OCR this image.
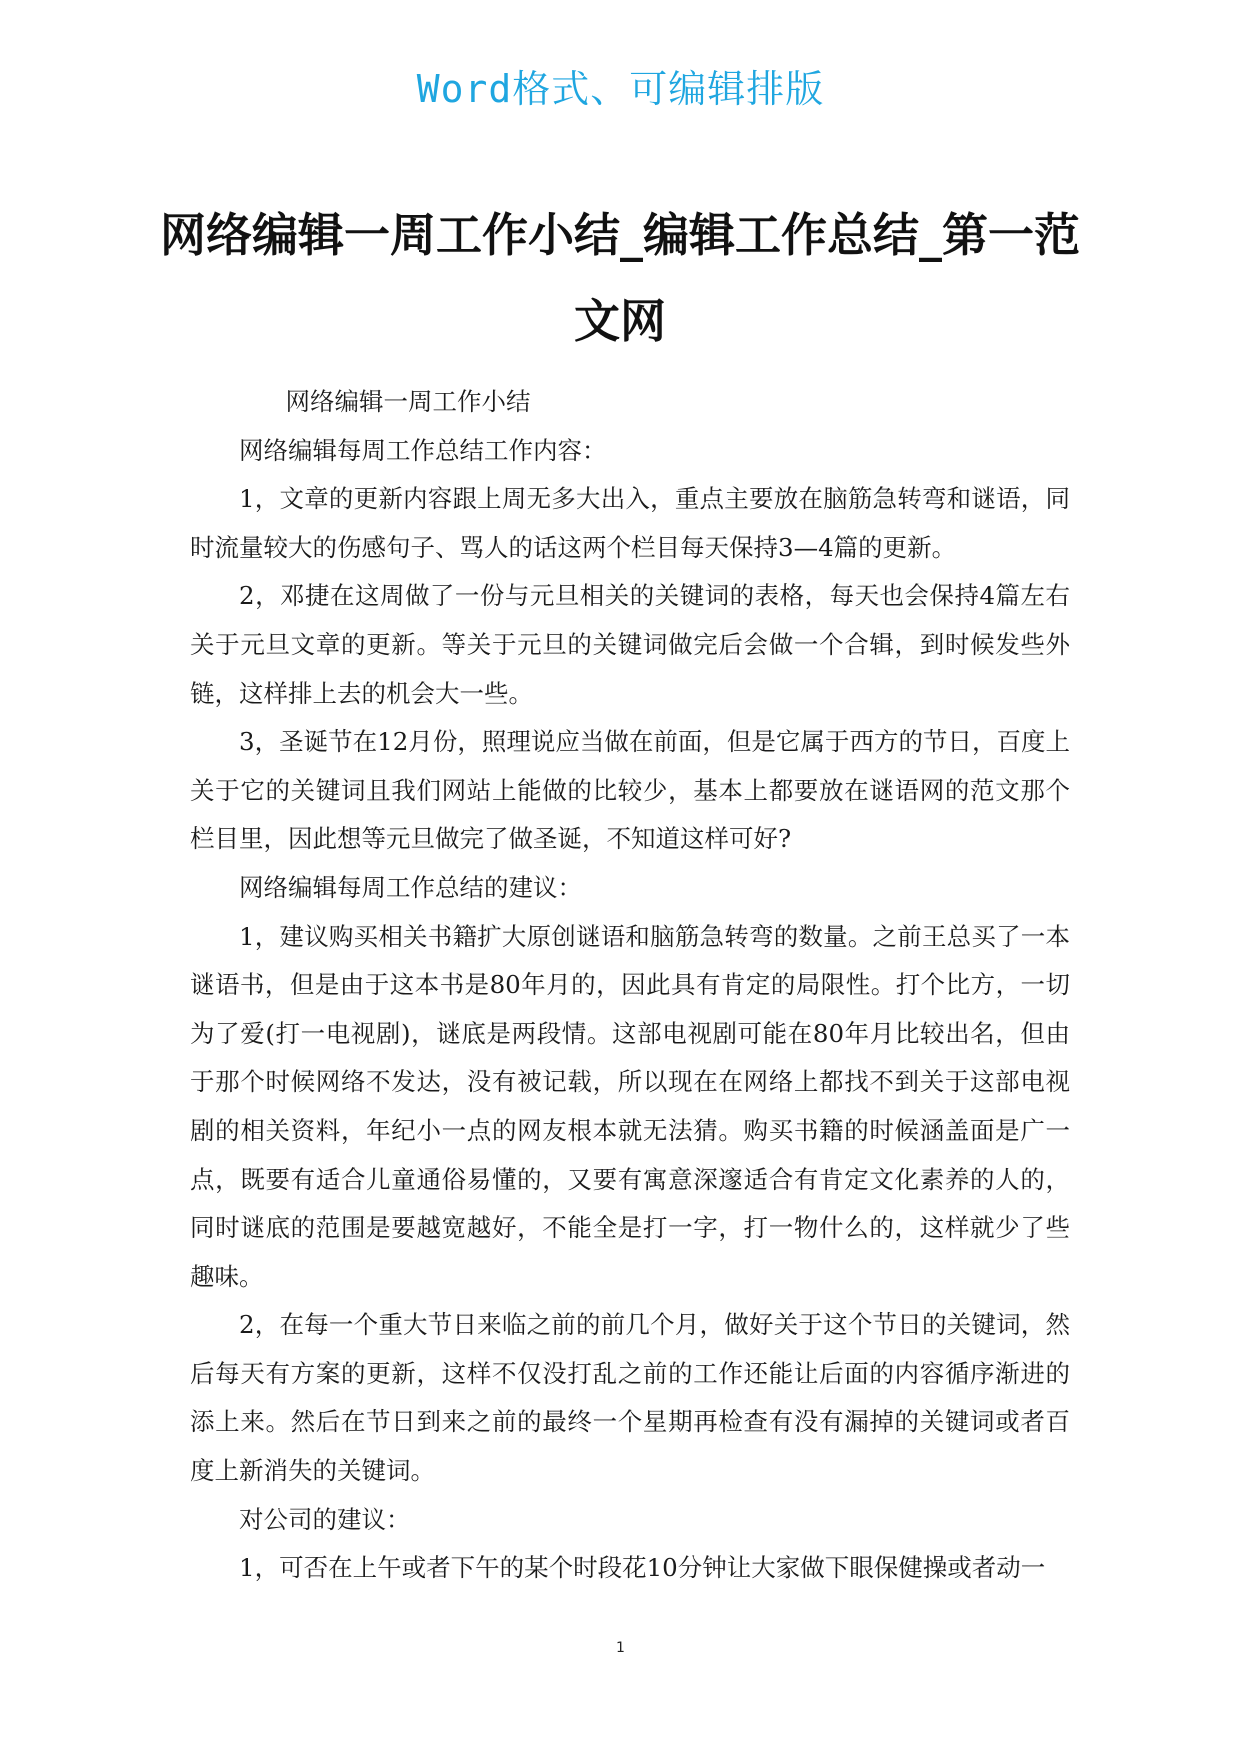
Word格式、可编辑排版
网络编辑一周工作小结_编辑工作总结_第一范文网

网络编辑一周工作小结

网络编辑每周工作总结工作内容：

1，文章的更新内容跟上周无多大出入，重点主要放在脑筋急转弯和谜语，同时流量较大的伤感句子、骂人的话这两个栏目每天保持3—4篇的更新。

2，邓捷在这周做了一份与元旦相关的关键词的表格，每天也会保持4篇左右关于元旦文章的更新。等关于元旦的关键词做完后会做一个合辑，到时候发些外链，这样排上去的机会大一些。

3，圣诞节在12月份，照理说应当做在前面，但是它属于西方的节日，百度上关于它的关键词且我们网站上能做的比较少，基本上都要放在谜语网的范文那个栏目里，因此想等元旦做完了做圣诞，不知道这样可好?

网络编辑每周工作总结的建议：

1，建议购买相关书籍扩大原创谜语和脑筋急转弯的数量。之前王总买了一本谜语书，但是由于这本书是80年月的，因此具有肯定的局限性。打个比方，一切为了爱(打一电视剧)，谜底是两段情。这部电视剧可能在80年月比较出名，但由于那个时候网络不发达，没有被记载，所以现在在网络上都找不到关于这部电视剧的相关资料，年纪小一点的网友根本就无法猜。购买书籍的时候涵盖面是广一点，既要有适合儿童通俗易懂的，又要有寓意深邃适合有肯定文化素养的人的，同时谜底的范围是要越宽越好，不能全是打一字，打一物什么的，这样就少了些趣味。

2，在每一个重大节日来临之前的前几个月，做好关于这个节日的关键词，然后每天有方案的更新，这样不仅没打乱之前的工作还能让后面的内容循序渐进的添上来。然后在节日到来之前的最终一个星期再检查有没有漏掉的关键词或者百度上新消失的关键词。

对公司的建议：

1，可否在上午或者下午的某个时段花10分钟让大家做下眼保健操或者动一

1
